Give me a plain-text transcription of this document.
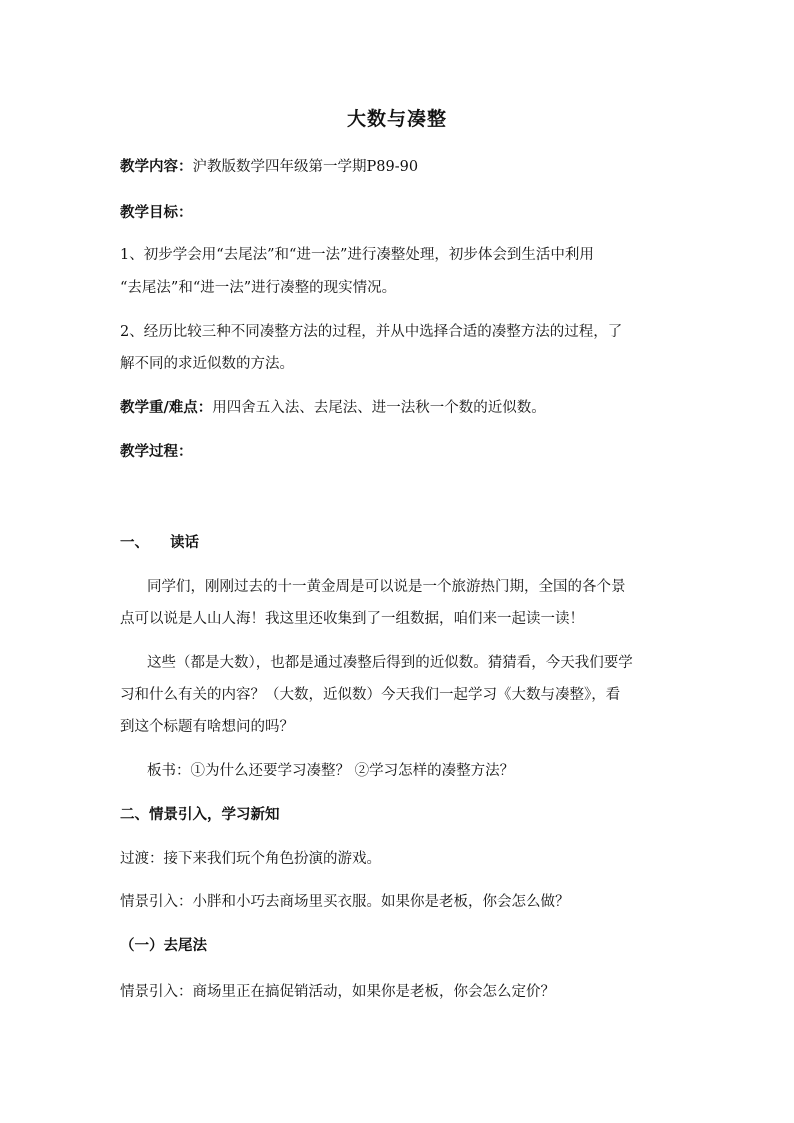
大数与凑整
教学内容：沪教版数学四年级第一学期P89-90
教学目标：
1、初步学会用“去尾法”和“进一法”进行凑整处理，初步体会到生活中利用
“去尾法”和“进一法”进行凑整的现实情况。
2、经历比较三种不同凑整方法的过程，并从中选择合适的凑整方法的过程，了
解不同的求近似数的方法。
教学重/难点：用四舍五入法、去尾法、进一法秋一个数的近似数。
教学过程：
一、 读话
同学们，刚刚过去的十一黄金周是可以说是一个旅游热门期，全国的各个景
点可以说是人山人海！我这里还收集到了一组数据，咱们来一起读一读！
这些（都是大数），也都是通过凑整后得到的近似数。猜猜看，今天我们要学
习和什么有关的内容？（大数，近似数）今天我们一起学习《大数与凑整》，看
到这个标题有啥想问的吗？
板书：①为什么还要学习凑整？ ②学习怎样的凑整方法？
二、情景引入，学习新知
过渡：接下来我们玩个角色扮演的游戏。
情景引入：小胖和小巧去商场里买衣服。如果你是老板，你会怎么做？
（一）去尾法
情景引入：商场里正在搞促销活动，如果你是老板，你会怎么定价？
